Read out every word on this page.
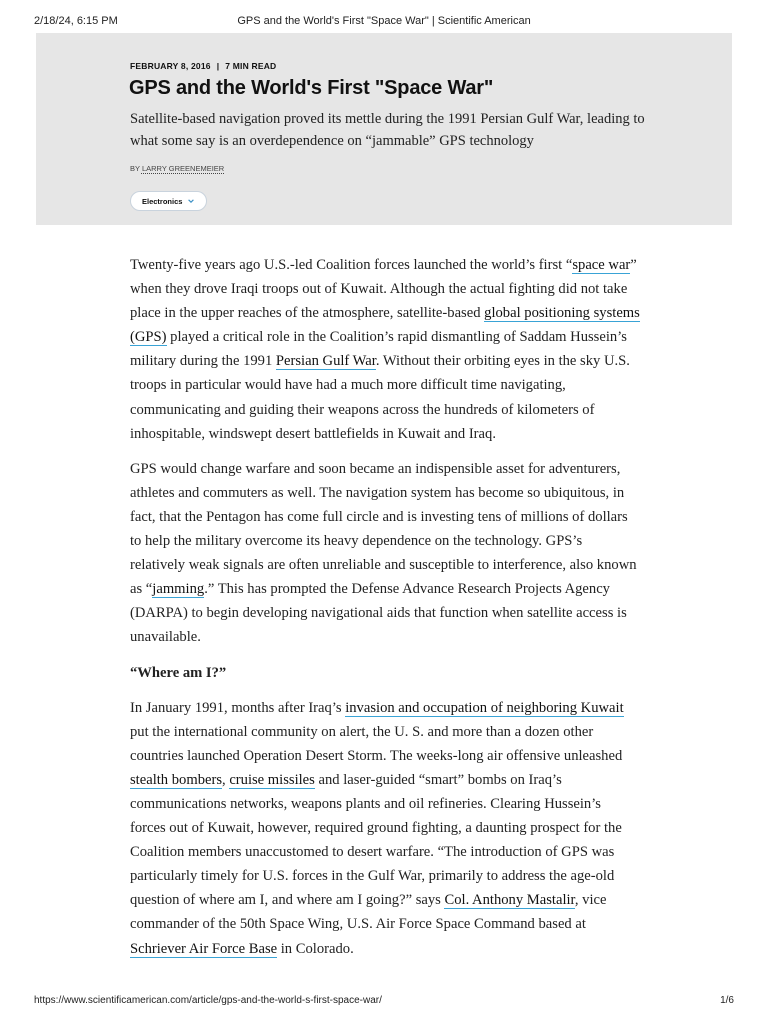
2/18/24, 6:15 PM	GPS and the World's First "Space War" | Scientific American
FEBRUARY 8, 2016 | 7 MIN READ
GPS and the World's First "Space War"

Satellite-based navigation proved its mettle during the 1991 Persian Gulf War, leading to what some say is an overdependence on “jammable” GPS technology

BY LARRY GREENEMEIER
Electronics

Twenty-five years ago U.S.-led Coalition forces launched the world’s first “space war” when they drove Iraqi troops out of Kuwait. Although the actual fighting did not take place in the upper reaches of the atmosphere, satellite-based global positioning systems (GPS) played a critical role in the Coalition’s rapid dismantling of Saddam Hussein’s military during the 1991 Persian Gulf War. Without their orbiting eyes in the sky U.S. troops in particular would have had a much more difficult time navigating, communicating and guiding their weapons across the hundreds of kilometers of inhospitable, windswept desert battlefields in Kuwait and Iraq.

GPS would change warfare and soon became an indispensible asset for adventurers, athletes and commuters as well. The navigation system has become so ubiquitous, in fact, that the Pentagon has come full circle and is investing tens of millions of dollars to help the military overcome its heavy dependence on the technology. GPS’s relatively weak signals are often unreliable and susceptible to interference, also known as “jamming.” This has prompted the Defense Advance Research Projects Agency (DARPA) to begin developing navigational aids that function when satellite access is unavailable.

“Where am I?”

In January 1991, months after Iraq’s invasion and occupation of neighboring Kuwait put the international community on alert, the U. S. and more than a dozen other countries launched Operation Desert Storm. The weeks-long air offensive unleashed stealth bombers, cruise missiles and laser-guided “smart” bombs on Iraq’s communications networks, weapons plants and oil refineries. Clearing Hussein’s forces out of Kuwait, however, required ground fighting, a daunting prospect for the Coalition members unaccustomed to desert warfare. “The introduction of GPS was particularly timely for U.S. forces in the Gulf War, primarily to address the age-old question of where am I, and where am I going?” says Col. Anthony Mastalir, vice commander of the 50th Space Wing, U.S. Air Force Space Command based at Schriever Air Force Base in Colorado.

https://www.scientificamerican.com/article/gps-and-the-world-s-first-space-war/	1/6
